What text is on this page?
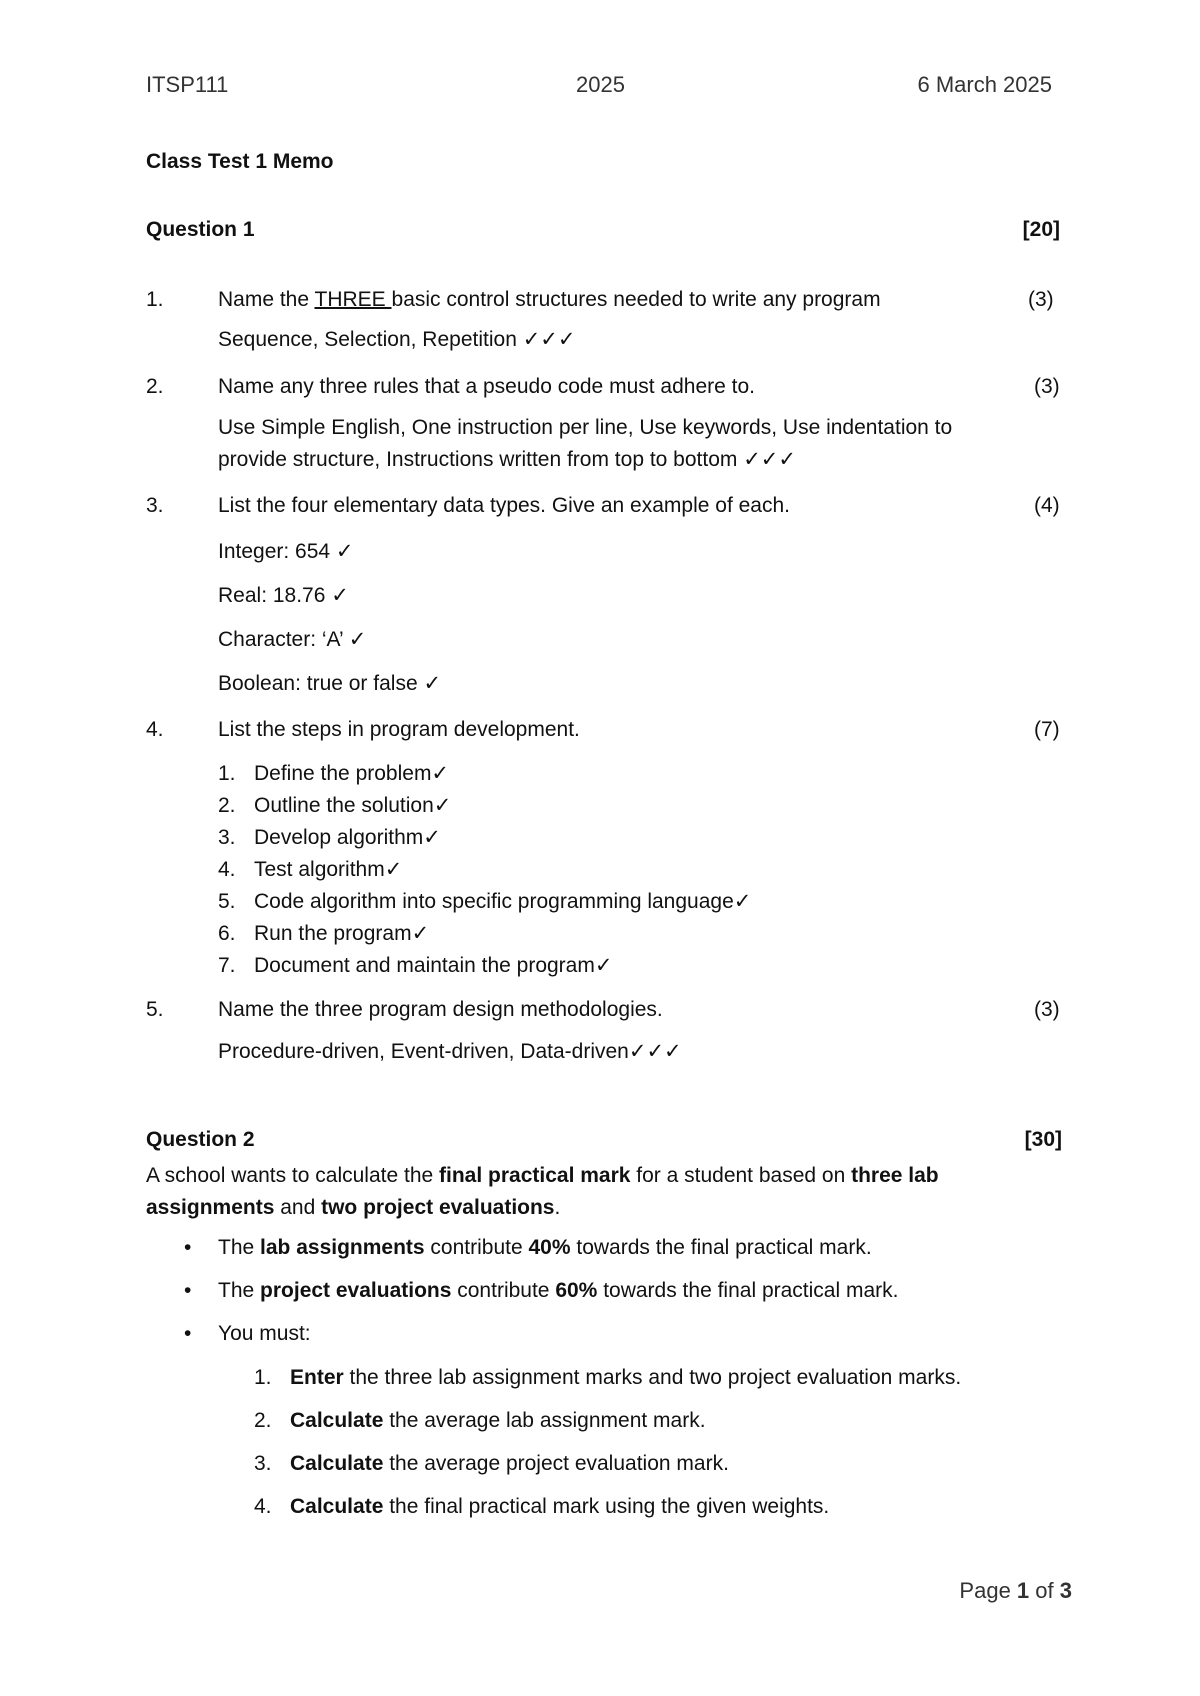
ITSP111	2025	6 March 2025
Class Test 1 Memo
Question 1	[20]
1.	Name the THREE basic control structures needed to write any program	(3)
Sequence, Selection, Repetition ✓✓✓
2.	Name any three rules that a pseudo code must adhere to.	(3)
Use Simple English, One instruction per line, Use keywords, Use indentation to
provide structure, Instructions written from top to bottom ✓✓✓
3.	List the four elementary data types. Give an example of each.	(4)
Integer: 654 ✓
Real: 18.76 ✓
Character: ‘A’ ✓
Boolean: true or false ✓
4.	List the steps in program development.	(7)
1. Define the problem✓
2. Outline the solution✓
3. Develop algorithm✓
4. Test algorithm✓
5. Code algorithm into specific programming language✓
6. Run the program✓
7. Document and maintain the program✓
5.	Name the three program design methodologies.	(3)
Procedure-driven, Event-driven, Data-driven✓✓✓
Question 2	[30]
A school wants to calculate the final practical mark for a student based on three lab
assignments and two project evaluations.
• The lab assignments contribute 40% towards the final practical mark.
• The project evaluations contribute 60% towards the final practical mark.
• You must:
1. Enter the three lab assignment marks and two project evaluation marks.
2. Calculate the average lab assignment mark.
3. Calculate the average project evaluation mark.
4. Calculate the final practical mark using the given weights.
Page 1 of 3
